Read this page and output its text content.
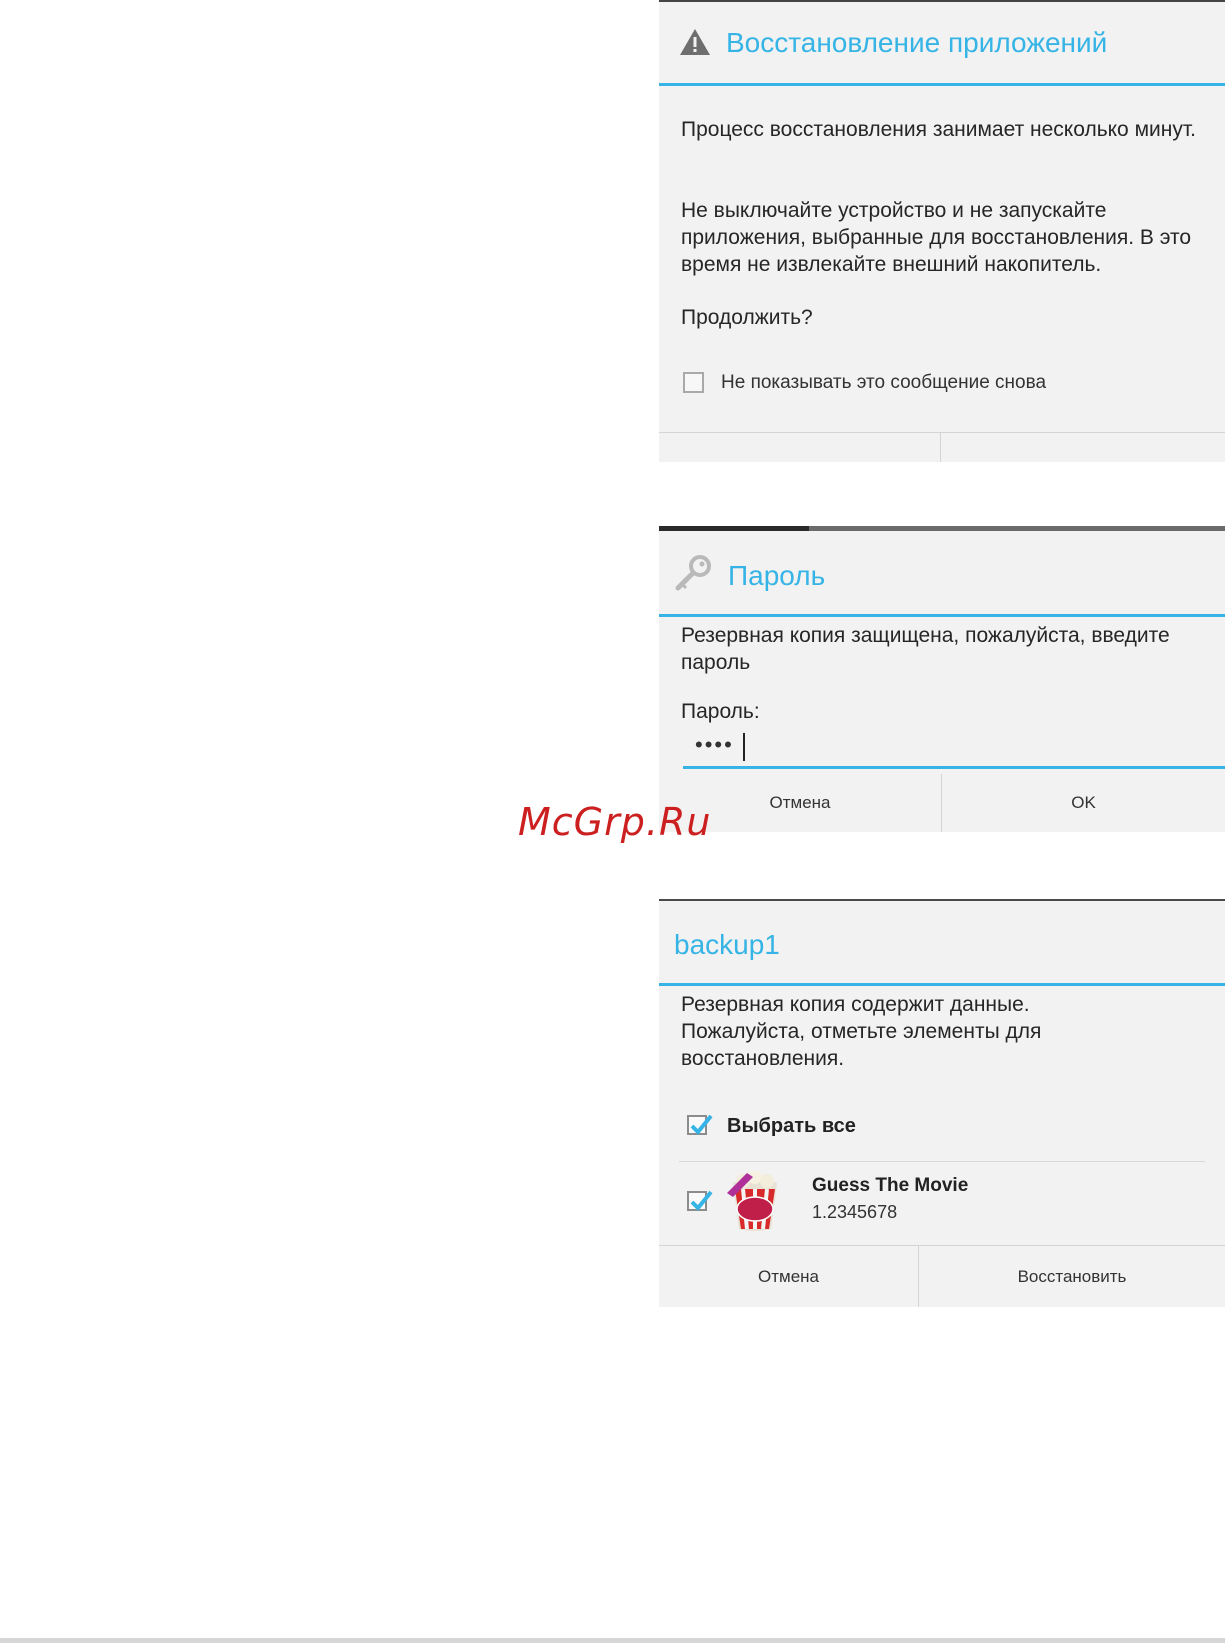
Восстановление приложений
Процесс восстановления занимает несколько минут.
Не выключайте устройство и не запускайте приложения, выбранные для восстановления. В это время не извлекайте внешний накопитель.
Продолжить?
Не показывать это сообщение снова
Пароль
Резервная копия защищена, пожалуйста, введите пароль
Пароль:
••••
Отмена	OK
McGrp.Ru
backup1
Резервная копия содержит данные. Пожалуйста, отметьте элементы для восстановления.
Выбрать все
Guess The Movie
1.2345678
Отмена	Восстановить
